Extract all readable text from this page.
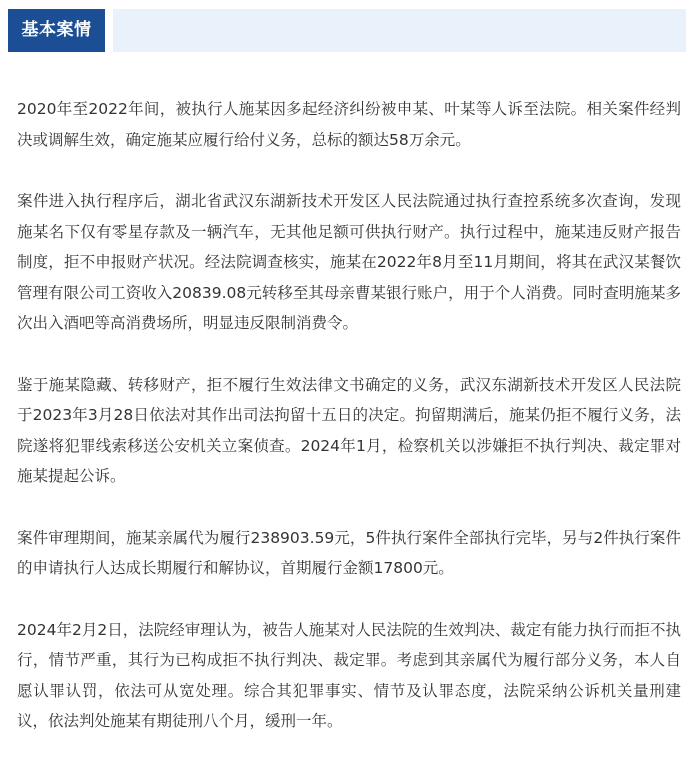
基本案情

2020年至2022年间，被执行人施某因多起经济纠纷被申某、叶某等人诉至法院。相关案件经判决或调解生效，确定施某应履行给付义务，总标的额达58万余元。

案件进入执行程序后，湖北省武汉东湖新技术开发区人民法院通过执行查控系统多次查询，发现施某名下仅有零星存款及一辆汽车，无其他足额可供执行财产。执行过程中，施某违反财产报告制度，拒不申报财产状况。经法院调查核实，施某在2022年8月至11月期间，将其在武汉某餐饮管理有限公司工资收入20839.08元转移至其母亲曹某银行账户，用于个人消费。同时查明施某多次出入酒吧等高消费场所，明显违反限制消费令。

鉴于施某隐藏、转移财产，拒不履行生效法律文书确定的义务，武汉东湖新技术开发区人民法院于2023年3月28日依法对其作出司法拘留十五日的决定。拘留期满后，施某仍拒不履行义务，法院遂将犯罪线索移送公安机关立案侦查。2024年1月，检察机关以涉嫌拒不执行判决、裁定罪对施某提起公诉。

案件审理期间，施某亲属代为履行238903.59元，5件执行案件全部执行完毕，另与2件执行案件的申请执行人达成长期履行和解协议，首期履行金额17800元。

2024年2月2日，法院经审理认为，被告人施某对人民法院的生效判决、裁定有能力执行而拒不执行，情节严重，其行为已构成拒不执行判决、裁定罪。考虑到其亲属代为履行部分义务，本人自愿认罪认罚，依法可从宽处理。综合其犯罪事实、情节及认罪态度，法院采纳公诉机关量刑建议，依法判处施某有期徒刑八个月，缓刑一年。
